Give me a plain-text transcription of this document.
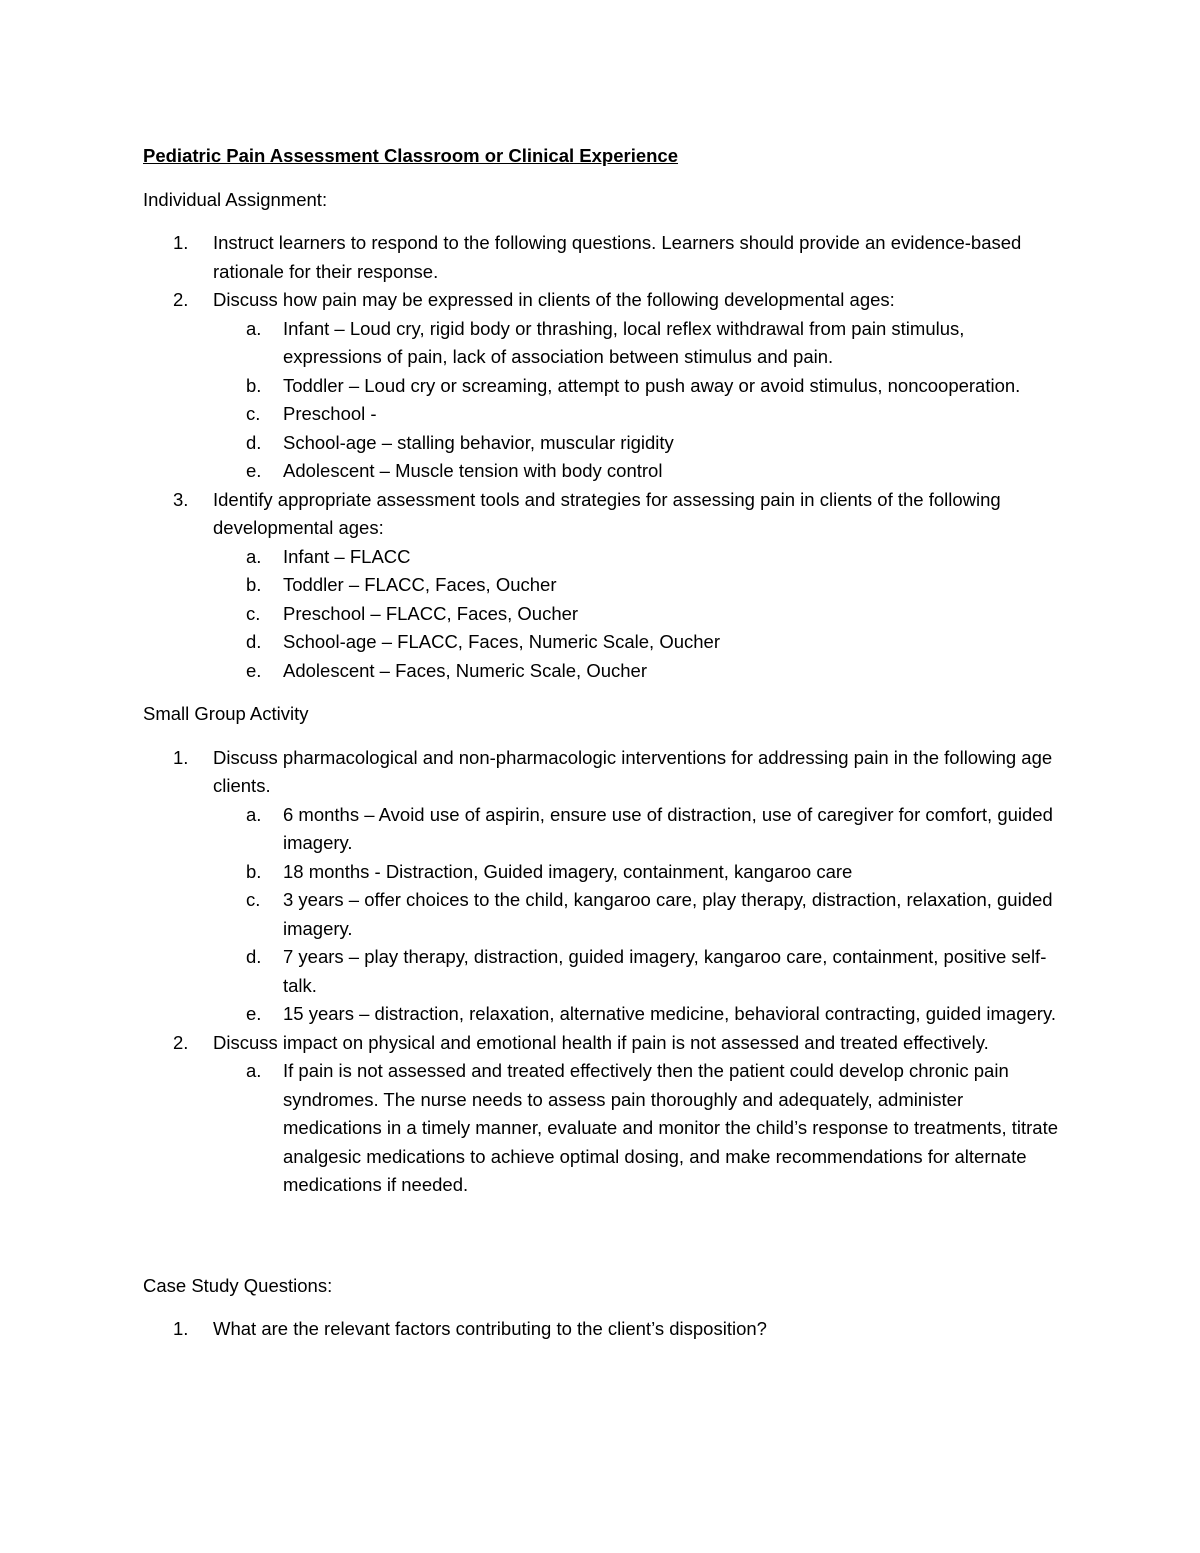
Pediatric Pain Assessment Classroom or Clinical Experience
Individual Assignment:
1. Instruct learners to respond to the following questions. Learners should provide an evidence-based rationale for their response.
2. Discuss how pain may be expressed in clients of the following developmental ages:
a. Infant – Loud cry, rigid body or thrashing, local reflex withdrawal from pain stimulus, expressions of pain, lack of association between stimulus and pain.
b. Toddler – Loud cry or screaming, attempt to push away or avoid stimulus, noncooperation.
c. Preschool -
d. School-age – stalling behavior, muscular rigidity
e. Adolescent – Muscle tension with body control
3. Identify appropriate assessment tools and strategies for assessing pain in clients of the following developmental ages:
a. Infant – FLACC
b. Toddler – FLACC, Faces, Oucher
c. Preschool – FLACC, Faces, Oucher
d. School-age – FLACC, Faces, Numeric Scale, Oucher
e. Adolescent – Faces, Numeric Scale, Oucher
Small Group Activity
1. Discuss pharmacological and non-pharmacologic interventions for addressing pain in the following age clients.
a. 6 months – Avoid use of aspirin, ensure use of distraction, use of caregiver for comfort, guided imagery.
b. 18 months - Distraction, Guided imagery, containment, kangaroo care
c. 3 years – offer choices to the child, kangaroo care, play therapy, distraction, relaxation, guided imagery.
d. 7 years – play therapy, distraction, guided imagery, kangaroo care, containment, positive self-talk.
e. 15 years – distraction, relaxation, alternative medicine, behavioral contracting, guided imagery.
2. Discuss impact on physical and emotional health if pain is not assessed and treated effectively.
a. If pain is not assessed and treated effectively then the patient could develop chronic pain syndromes. The nurse needs to assess pain thoroughly and adequately, administer medications in a timely manner, evaluate and monitor the child’s response to treatments, titrate analgesic medications to achieve optimal dosing, and make recommendations for alternate medications if needed.
Case Study Questions:
1. What are the relevant factors contributing to the client’s disposition?
